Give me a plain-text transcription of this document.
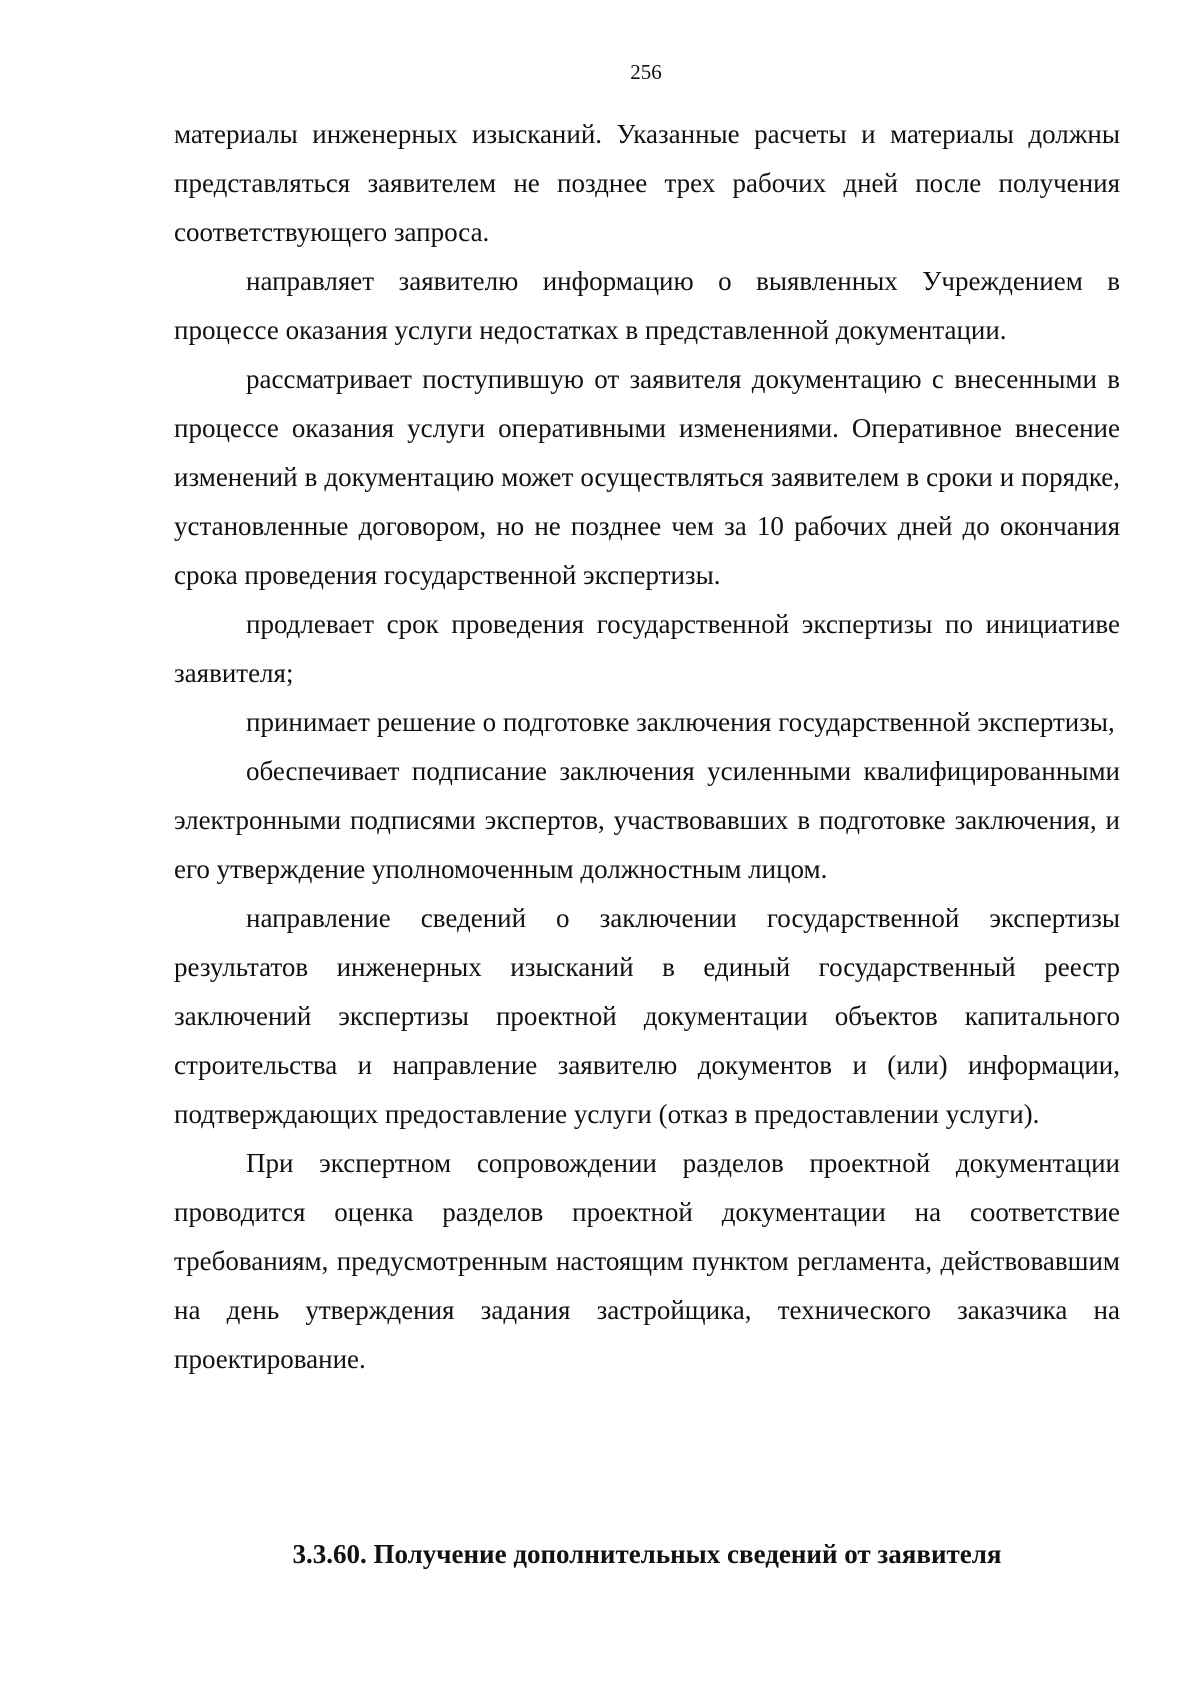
256

материалы инженерных изысканий. Указанные расчеты и материалы должны представляться заявителем не позднее трех рабочих дней после получения соответствующего запроса.

направляет заявителю информацию о выявленных Учреждением в процессе оказания услуги недостатках в представленной документации.

рассматривает поступившую от заявителя документацию с внесенными в процессе оказания услуги оперативными изменениями. Оперативное внесение изменений в документацию может осуществляться заявителем в сроки и порядке, установленные договором, но не позднее чем за 10 рабочих дней до окончания срока проведения государственной экспертизы.

продлевает срок проведения государственной экспертизы по инициативе заявителя;

принимает решение о подготовке заключения государственной экспертизы,

обеспечивает подписание заключения усиленными квалифицированными электронными подписями экспертов, участвовавших в подготовке заключения, и его утверждение уполномоченным должностным лицом.

направление сведений о заключении государственной экспертизы результатов инженерных изысканий в единый государственный реестр заключений экспертизы проектной документации объектов капитального строительства и направление заявителю документов и (или) информации, подтверждающих предоставление услуги (отказ в предоставлении услуги).

При экспертном сопровождении разделов проектной документации проводится оценка разделов проектной документации на соответствие требованиям, предусмотренным настоящим пунктом регламента, действовавшим на день утверждения задания застройщика, технического заказчика на проектирование.

3.3.60. Получение дополнительных сведений от заявителя
